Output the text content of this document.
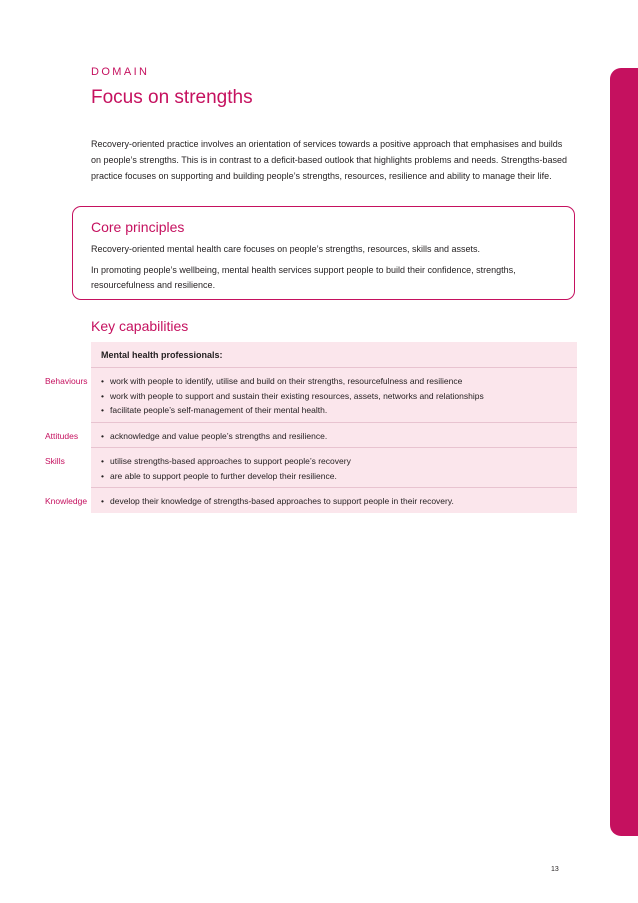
DOMAIN
Focus on strengths

Recovery-oriented practice involves an orientation of services towards a positive approach that emphasises and builds on people’s strengths. This is in contrast to a deficit-based outlook that highlights problems and needs. Strengths-based practice focuses on supporting and building people’s strengths, resources, resilience and ability to manage their life.

Core principles

Recovery-oriented mental health care focuses on people’s strengths, resources, skills and assets.

In promoting people’s wellbeing, mental health services support people to build their confidence, strengths, resourcefulness and resilience.

Key capabilities
Mental health professionals:
Behaviours	• work with people to identify, utilise and build on their strengths, resourcefulness and resilience
• work with people to support and sustain their existing resources, assets, networks and relationships
• facilitate people’s self-management of their mental health.
Attitudes	• acknowledge and value people’s strengths and resilience.
Skills	• utilise strengths-based approaches to support people’s recovery
• are able to support people to further develop their resilience.
Knowledge	• develop their knowledge of strengths-based approaches to support people in their recovery.
13
